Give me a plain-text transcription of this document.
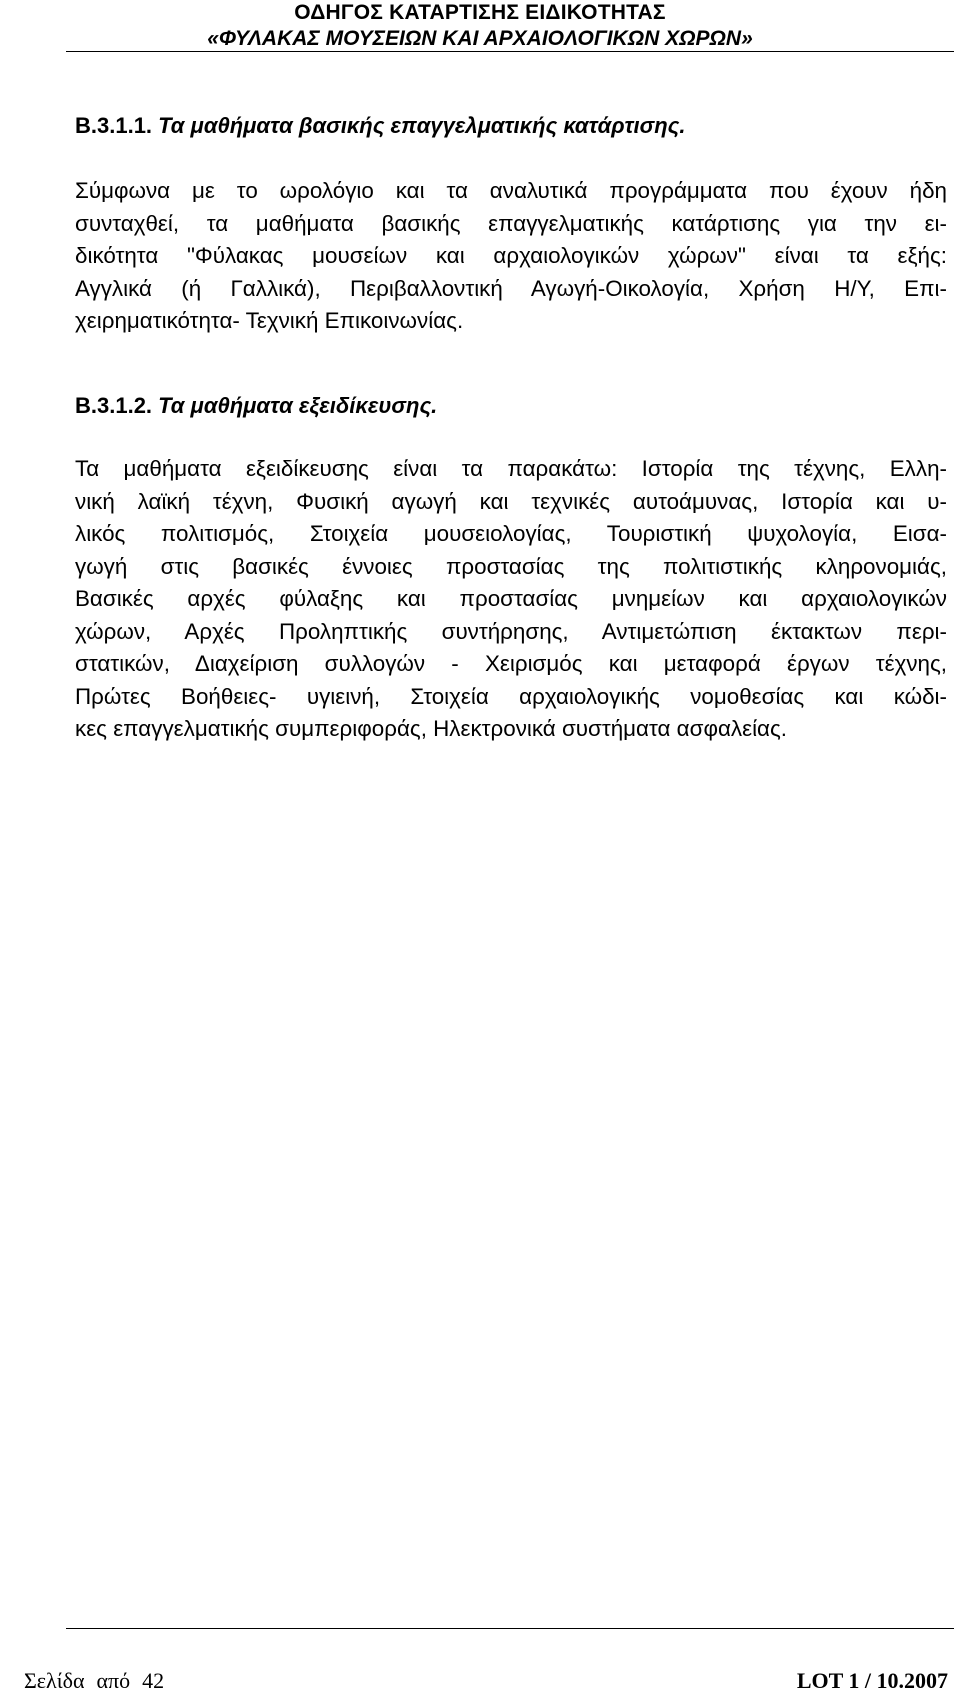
ΟΔΗΓΟΣ ΚΑΤΑΡΤΙΣΗΣ ΕΙΔΙΚΟΤΗΤΑΣ
«ΦΥΛΑΚΑΣ ΜΟΥΣΕΙΩΝ ΚΑΙ ΑΡΧΑΙΟΛΟΓΙΚΩΝ ΧΩΡΩΝ»
Β.3.1.1. Τα μαθήματα βασικής επαγγελματικής κατάρτισης.
Σύμφωνα με το ωρολόγιο και τα αναλυτικά προγράμματα που έχουν ήδη
συνταχθεί, τα μαθήματα βασικής επαγγελματικής κατάρτισης για την ει-
δικότητα "Φύλακας μουσείων και αρχαιολογικών χώρων" είναι τα εξής:
Αγγλικά (ή Γαλλικά), Περιβαλλοντική Αγωγή-Οικολογία, Χρήση Η/Υ, Επι-
χειρηματικότητα- Τεχνική Επικοινωνίας.
Β.3.1.2. Τα μαθήματα εξειδίκευσης.
Τα μαθήματα εξειδίκευσης είναι τα παρακάτω: Ιστορία της τέχνης, Ελλη-
νική λαϊκή τέχνη, Φυσική αγωγή και τεχνικές αυτοάμυνας, Ιστορία και υ-
λικός πολιτισμός, Στοιχεία μουσειολογίας, Τουριστική ψυχολογία, Εισα-
γωγή στις βασικές έννοιες προστασίας της πολιτιστικής κληρονομιάς,
Βασικές αρχές φύλαξης και προστασίας μνημείων και αρχαιολογικών
χώρων, Αρχές Προληπτικής συντήρησης, Αντιμετώπιση έκτακτων περι-
στατικών, Διαχείριση συλλογών - Χειρισμός και μεταφορά έργων τέχνης,
Πρώτες Βοήθειες- υγιεινή, Στοιχεία αρχαιολογικής νομοθεσίας και κώδι-
κες επαγγελματικής συμπεριφοράς, Ηλεκτρονικά συστήματα ασφαλείας.
Σελίδα από 42	LOT 1 / 10.2007
